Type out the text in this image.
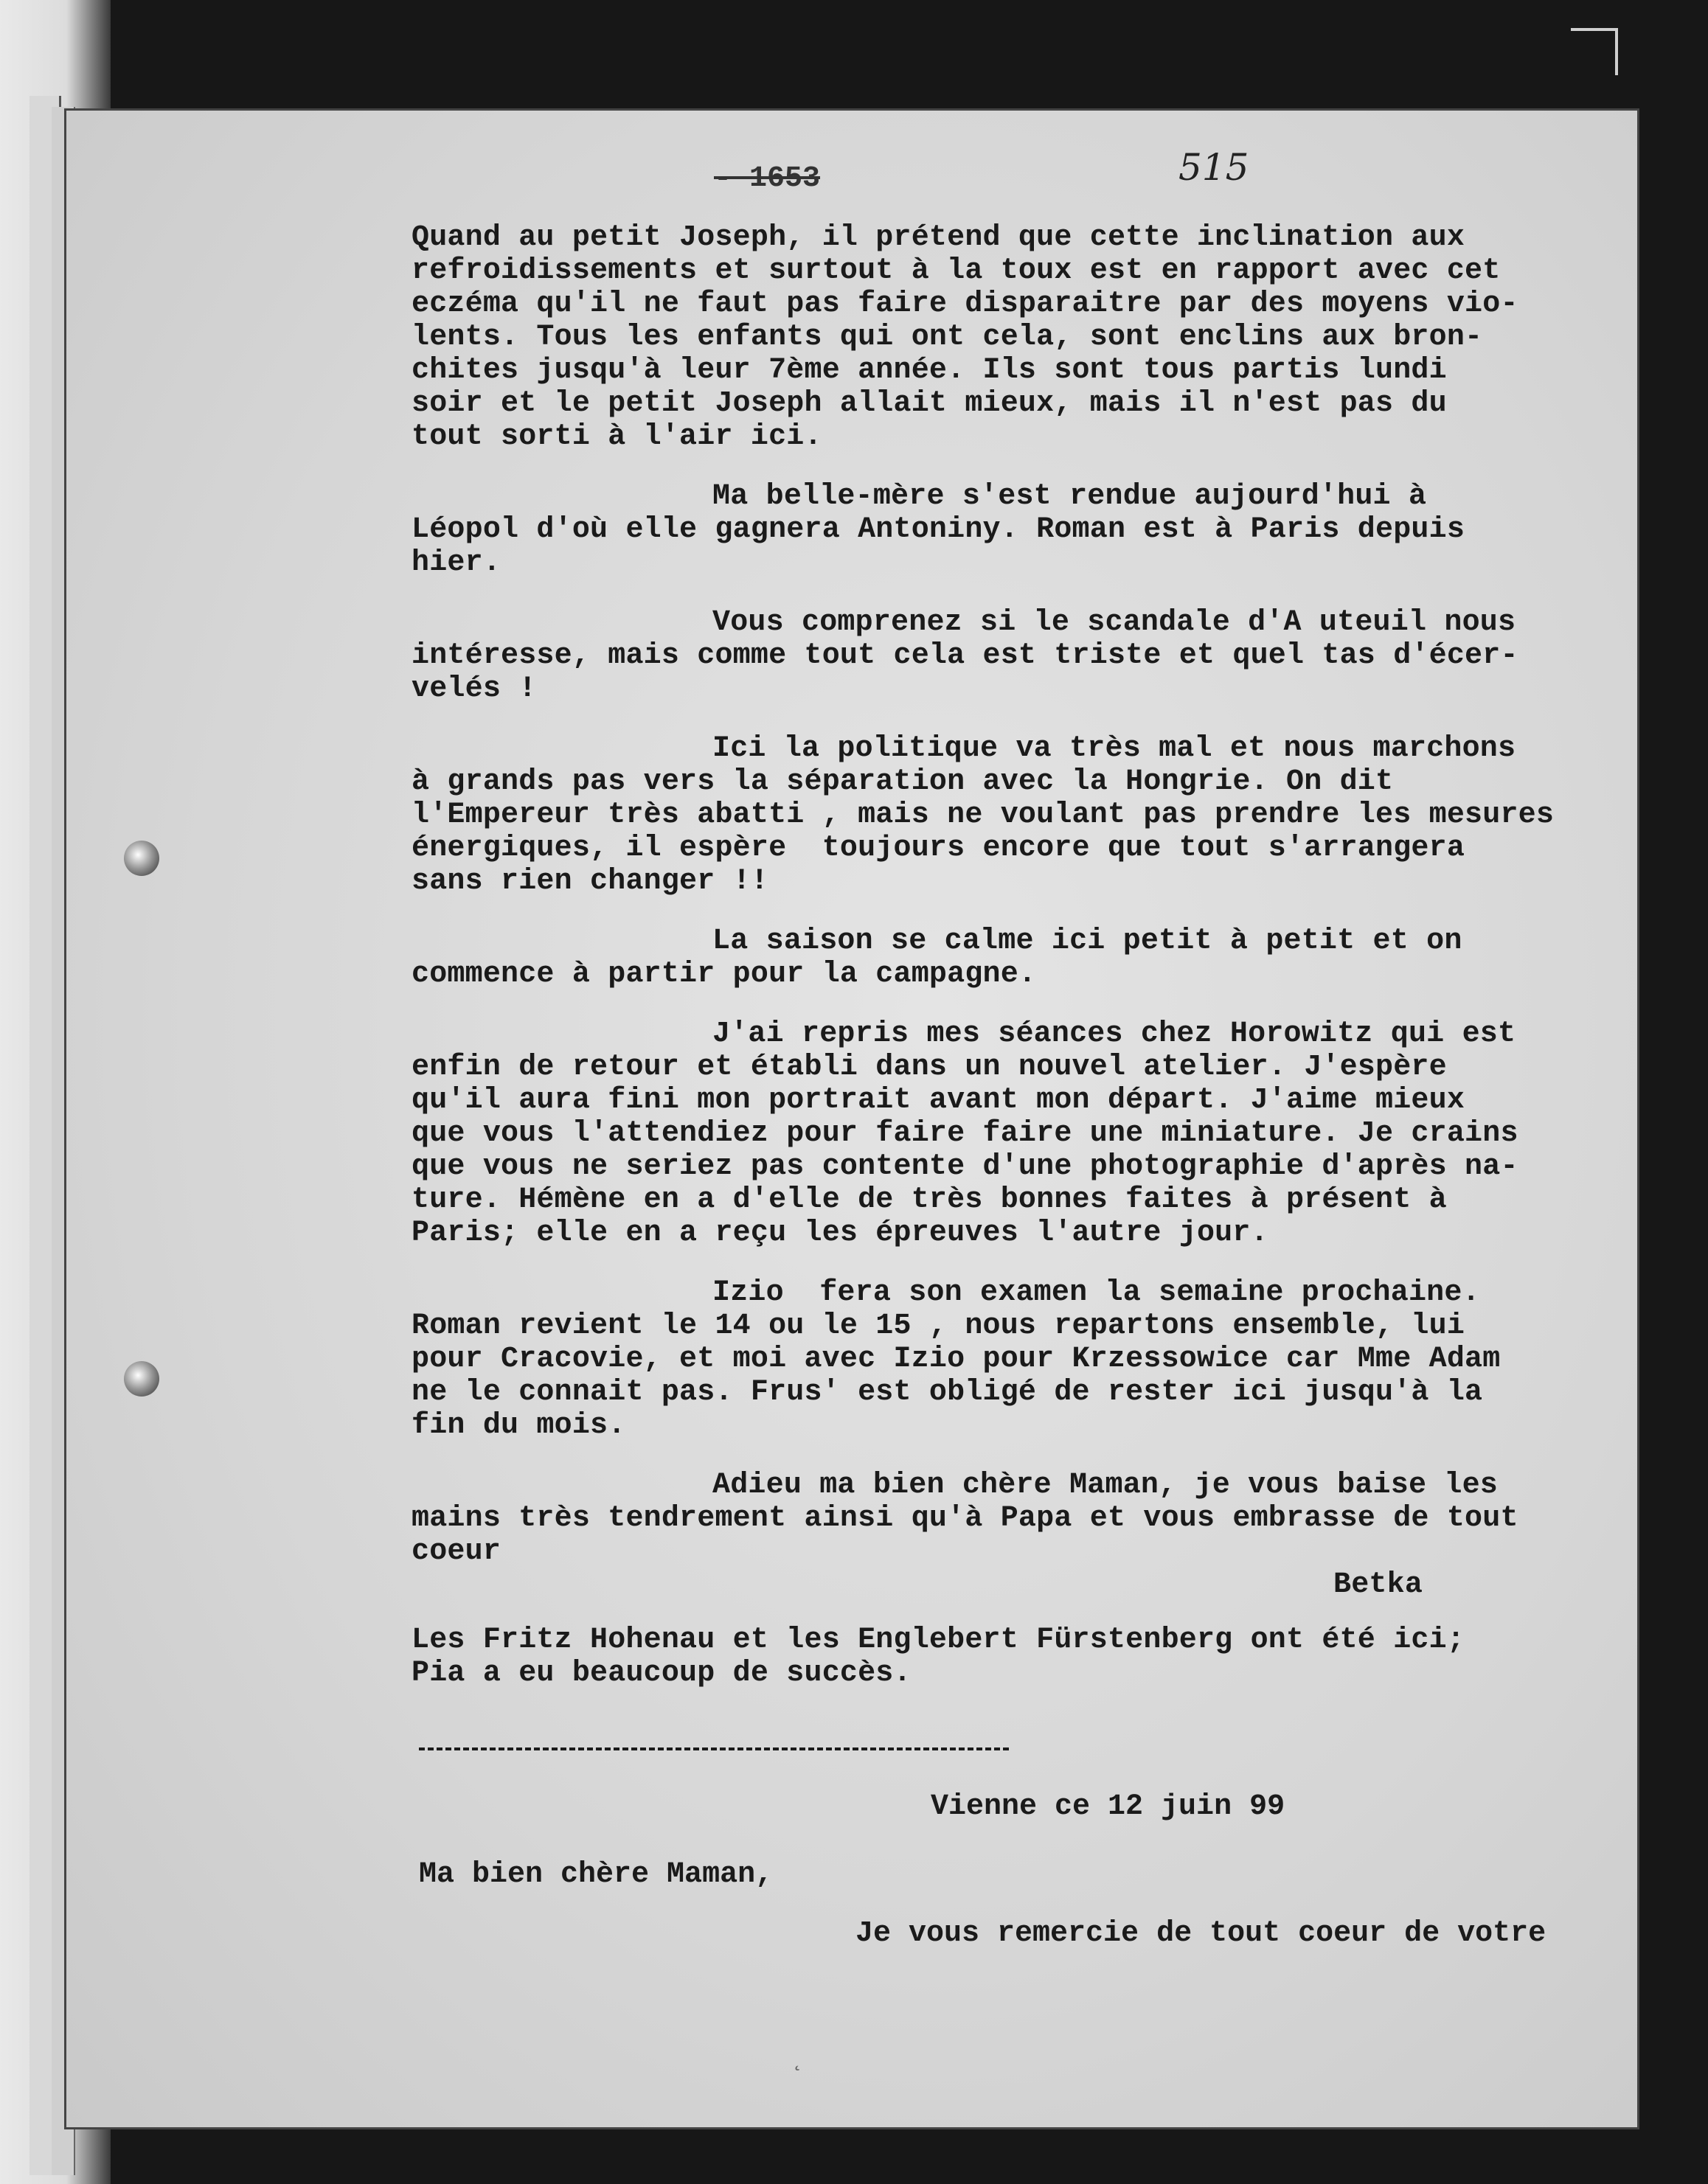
- 1653	515
Quand au petit Joseph, il prétend que cette inclination aux
refroidissements et surtout à la toux est en rapport avec cet
eczéma qu'il ne faut pas faire disparaitre par des moyens vio-
lents. Tous les enfants qui ont cela, sont enclins aux bron-
chites jusqu'à leur 7ème année. Ils sont tous partis lundi
soir et le petit Joseph allait mieux, mais il n'est pas du
tout sorti à l'air ici.
Ma belle-mère s'est rendue aujourd'hui à
Léopol d'où elle gagnera Antoniny. Roman est à Paris depuis
hier.
Vous comprenez si le scandale d'A uteuil nous
intéresse, mais comme tout cela est triste et quel tas d'écer-
velés !
Ici la politique va très mal et nous marchons
à grands pas vers la séparation avec la Hongrie. On dit
l'Empereur très abatti , mais ne voulant pas prendre les mesures
énergiques, il espère  toujours encore que tout s'arrangera
sans rien changer !!
La saison se calme ici petit à petit et on
commence à partir pour la campagne.
J'ai repris mes séances chez Horowitz qui est
enfin de retour et établi dans un nouvel atelier. J'espère
qu'il aura fini mon portrait avant mon départ. J'aime mieux
que vous l'attendiez pour faire faire une miniature. Je crains
que vous ne seriez pas contente d'une photographie d'après na-
ture. Hémène en a d'elle de très bonnes faites à présent à
Paris; elle en a reçu les épreuves l'autre jour.
Izio  fera son examen la semaine prochaine.
Roman revient le 14 ou le 15 , nous repartons ensemble, lui
pour Cracovie, et moi avec Izio pour Krzessowice car Mme Adam
ne le connait pas. Frus' est obligé de rester ici jusqu'à la
fin du mois.
Adieu ma bien chère Maman, je vous baise les
mains très tendrement ainsi qu'à Papa et vous embrasse de tout
coeur
Betka
Les Fritz Hohenau et les Englebert Fürstenberg ont été ici;
Pia a eu beaucoup de succès.
Vienne ce 12 juin 99
Ma bien chère Maman,
Je vous remercie de tout coeur de votre
˛
